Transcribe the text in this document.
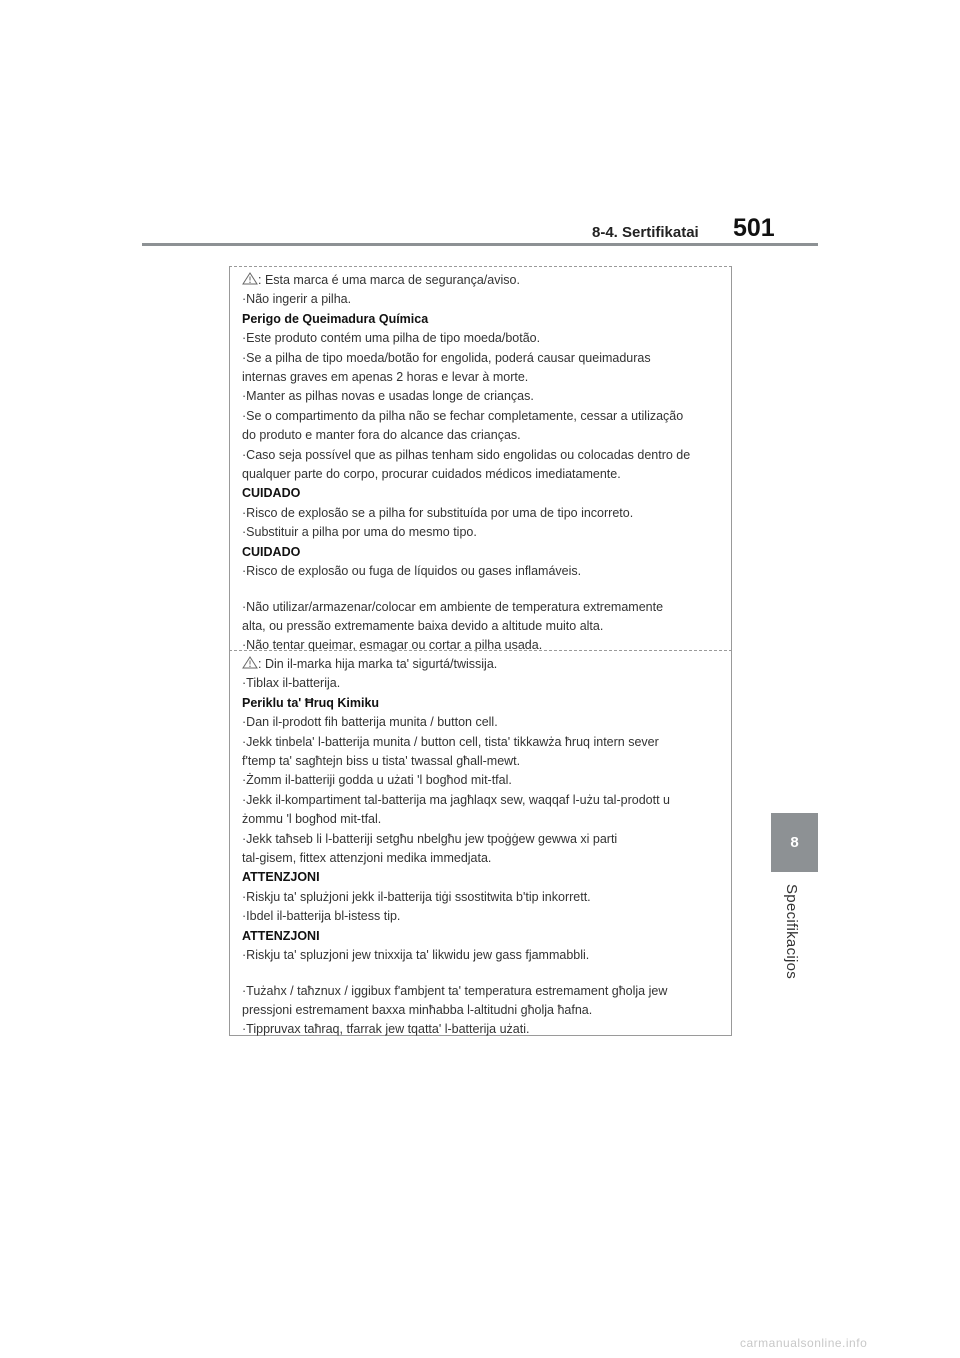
8-4. Sertifikatai 501
8
Specifikacijos
: Esta marca é uma marca de segurança/aviso.
·Não ingerir a pilha.
Perigo de Queimadura Química
·Este produto contém uma pilha de tipo moeda/botão.
·Se a pilha de tipo moeda/botão for engolida, poderá causar queimaduras
internas graves em apenas 2 horas e levar à morte.
·Manter as pilhas novas e usadas longe de crianças.
·Se o compartimento da pilha não se fechar completamente, cessar a utilização
do produto e manter fora do alcance das crianças.
·Caso seja possível que as pilhas tenham sido engolidas ou colocadas dentro de
qualquer parte do corpo, procurar cuidados médicos imediatamente.
CUIDADO
·Risco de explosão se a pilha for substituída por uma de tipo incorreto.
·Substituir a pilha por uma do mesmo tipo.
CUIDADO
·Risco de explosão ou fuga de líquidos ou gases inflamáveis.
·Não utilizar/armazenar/colocar em ambiente de temperatura extremamente
alta, ou pressão extremamente baixa devido a altitude muito alta.
·Não tentar queimar, esmagar ou cortar a pilha usada.
: Din il-marka hija marka ta' sigurtá/twissija.
·Tiblax il-batterija.
Periklu ta' Ħruq Kimiku
·Dan il-prodott fih batterija munita / button cell.
·Jekk tinbela' l-batterija munita / button cell, tista' tikkawża ħruq intern sever
f'temp ta' sagħtejn biss u tista' twassal għall-mewt.
·Żomm il-batteriji godda u użati 'l bogħod mit-tfal.
·Jekk il-kompartiment tal-batterija ma jagħlaqx sew, waqqaf l-użu tal-prodott u
żommu 'l bogħod mit-tfal.
·Jekk taħseb li l-batteriji setgħu nbelgħu jew tpoġġew gewwa xi parti
tal-gisem, fittex attenzjoni medika immedjata.
ATTENZJONI
·Riskju ta' splużjoni jekk il-batterija tiġi ssostitwita b'tip inkorrett.
·Ibdel il-batterija bl-istess tip.
ATTENZJONI
·Riskju ta' spluzjoni jew tnixxija ta' likwidu jew gass fjammabbli.
·Tużahx / taħznux / iggibux f'ambjent ta' temperatura estremament għolja jew
pressjoni estremament baxxa minħabba l-altitudni għolja ħafna.
·Tippruvax taħraq, tfarrak jew tqatta' l-batterija użati.
carmanualsonline.info
